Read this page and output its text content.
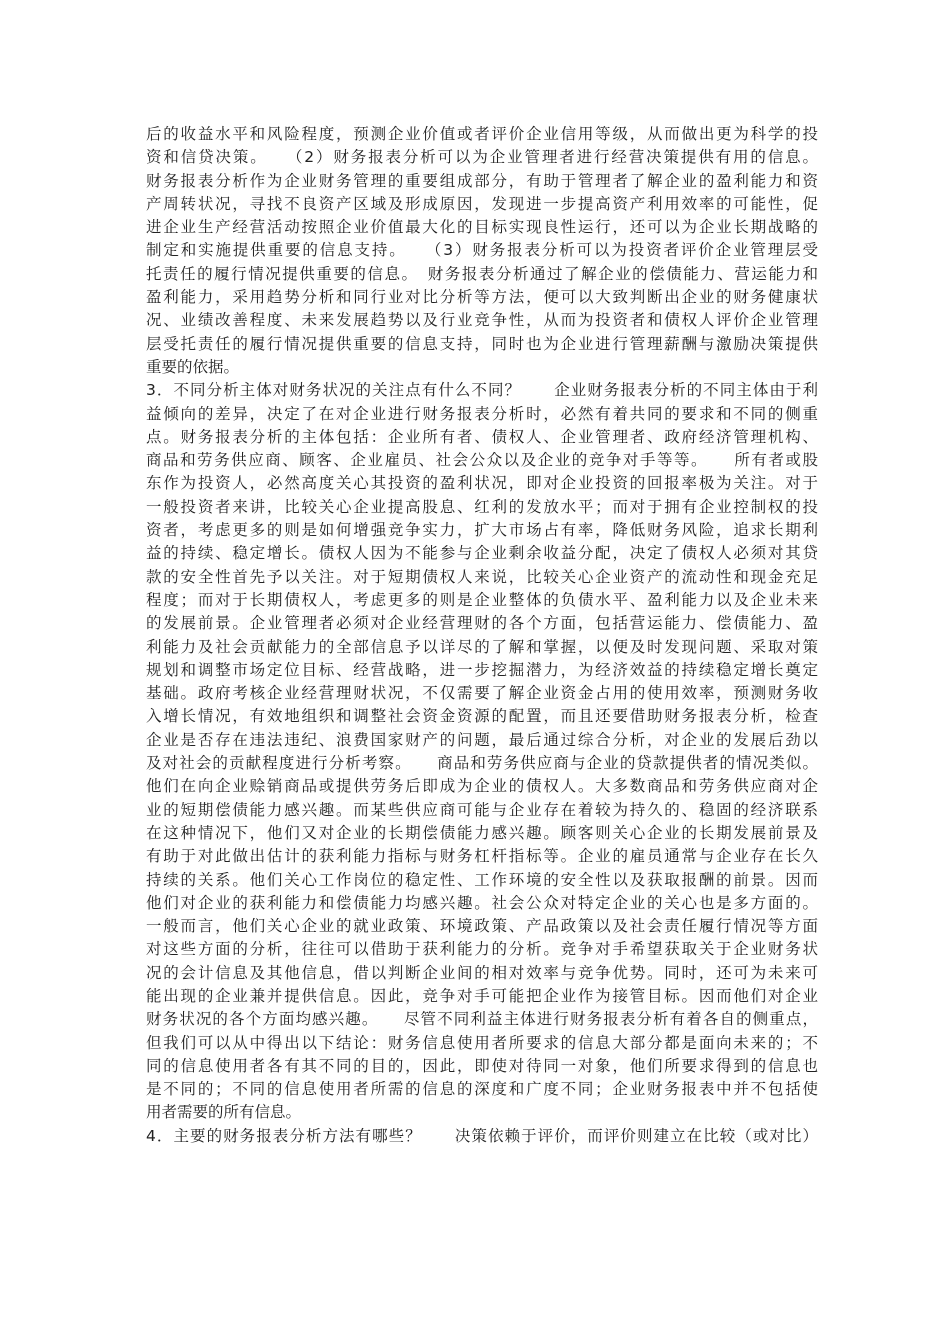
后的收益水平和风险程度，预测企业价值或者评价企业信用等级，从而做出更为科学的投
资和信贷决策。　　（2）财务报表分析可以为企业管理者进行经营决策提供有用的信息。
财务报表分析作为企业财务管理的重要组成部分，有助于管理者了解企业的盈利能力和资
产周转状况，寻找不良资产区域及形成原因，发现进一步提高资产利用效率的可能性，促
进企业生产经营活动按照企业价值最大化的目标实现良性运行，还可以为企业长期战略的
制定和实施提供重要的信息支持。　　（3）财务报表分析可以为投资者评价企业管理层受
托责任的履行情况提供重要的信息。　财务报表分析通过了解企业的偿债能力、营运能力和
盈利能力，采用趋势分析和同行业对比分析等方法，便可以大致判断出企业的财务健康状
况、业绩改善程度、未来发展趋势以及行业竞争性，从而为投资者和债权人评价企业管理
层受托责任的履行情况提供重要的信息支持，同时也为企业进行管理薪酬与激励决策提供
重要的依据。
3．不同分析主体对财务状况的关注点有什么不同？　　企业财务报表分析的不同主体由于利
益倾向的差异，决定了在对企业进行财务报表分析时，必然有着共同的要求和不同的侧重
点。财务报表分析的主体包括：企业所有者、债权人、企业管理者、政府经济管理机构、
商品和劳务供应商、顾客、企业雇员、社会公众以及企业的竞争对手等等。　　所有者或股
东作为投资人，必然高度关心其投资的盈利状况，即对企业投资的回报率极为关注。对于
一般投资者来讲，比较关心企业提高股息、红利的发放水平；而对于拥有企业控制权的投
资者，考虑更多的则是如何增强竞争实力，扩大市场占有率，降低财务风险，追求长期利
益的持续、稳定增长。债权人因为不能参与企业剩余收益分配，决定了债权人必须对其贷
款的安全性首先予以关注。对于短期债权人来说，比较关心企业资产的流动性和现金充足
程度；而对于长期债权人，考虑更多的则是企业整体的负债水平、盈利能力以及企业未来
的发展前景。企业管理者必须对企业经营理财的各个方面，包括营运能力、偿债能力、盈
利能力及社会贡献能力的全部信息予以详尽的了解和掌握，以便及时发现问题、采取对策
规划和调整市场定位目标、经营战略，进一步挖掘潜力，为经济效益的持续稳定增长奠定
基础。政府考核企业经营理财状况，不仅需要了解企业资金占用的使用效率，预测财务收
入增长情况，有效地组织和调整社会资金资源的配置，而且还要借助财务报表分析，检查
企业是否存在违法违纪、浪费国家财产的问题，最后通过综合分析，对企业的发展后劲以
及对社会的贡献程度进行分析考察。　　商品和劳务供应商与企业的贷款提供者的情况类似。
他们在向企业赊销商品或提供劳务后即成为企业的债权人。大多数商品和劳务供应商对企
业的短期偿债能力感兴趣。而某些供应商可能与企业存在着较为持久的、稳固的经济联系
在这种情况下，他们又对企业的长期偿债能力感兴趣。顾客则关心企业的长期发展前景及
有助于对此做出估计的获利能力指标与财务杠杆指标等。企业的雇员通常与企业存在长久
持续的关系。他们关心工作岗位的稳定性、工作环境的安全性以及获取报酬的前景。因而
他们对企业的获利能力和偿债能力均感兴趣。社会公众对特定企业的关心也是多方面的。
一般而言，他们关心企业的就业政策、环境政策、产品政策以及社会责任履行情况等方面
对这些方面的分析，往往可以借助于获利能力的分析。竞争对手希望获取关于企业财务状
况的会计信息及其他信息，借以判断企业间的相对效率与竞争优势。同时，还可为未来可
能出现的企业兼并提供信息。因此，竞争对手可能把企业作为接管目标。因而他们对企业
财务状况的各个方面均感兴趣。　　尽管不同利益主体进行财务报表分析有着各自的侧重点，
但我们可以从中得出以下结论：财务信息使用者所要求的信息大部分都是面向未来的；不
同的信息使用者各有其不同的目的，因此，即使对待同一对象，他们所要求得到的信息也
是不同的；不同的信息使用者所需的信息的深度和广度不同；企业财务报表中并不包括使
用者需要的所有信息。
4．主要的财务报表分析方法有哪些？　　决策依赖于评价，而评价则建立在比较（或对比）
